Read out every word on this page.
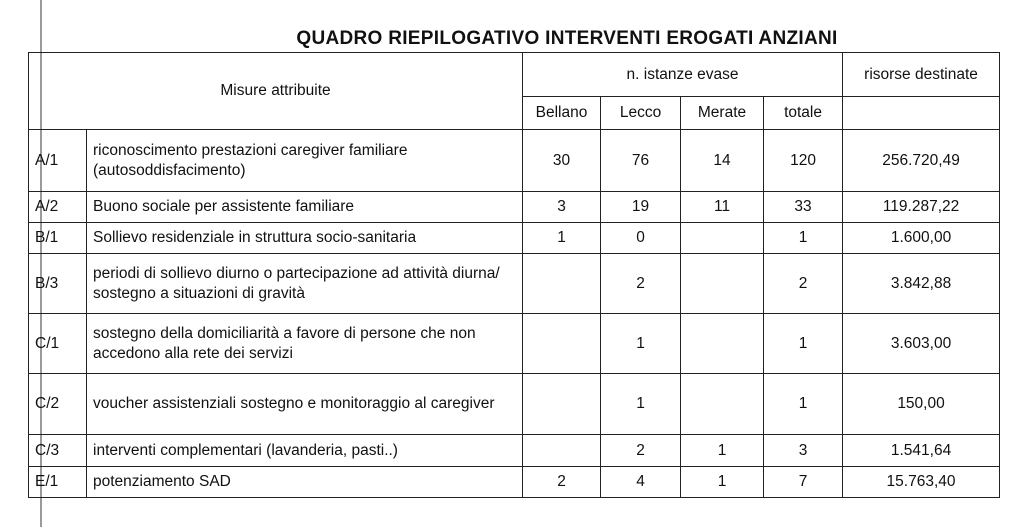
QUADRO RIEPILOGATIVO INTERVENTI EROGATI ANZIANI
Misure attribuite		n. istanze evase				risorse destinate
		Bellano	Lecco	Merate	totale	
A/1	riconoscimento prestazioni caregiver familiare (autosoddisfacimento)	30	76	14	120	256.720,49
A/2	Buono sociale per assistente familiare	3	19	11	33	119.287,22
B/1	Sollievo residenziale in struttura socio-sanitaria	1	0		1	1.600,00
B/3	periodi di sollievo diurno o partecipazione ad attività diurna/ sostegno a situazioni di gravità		2		2	3.842,88
C/1	sostegno della domiciliarità a favore di persone che non accedono alla rete dei servizi		1		1	3.603,00
C/2	voucher assistenziali sostegno e monitoraggio al caregiver		1		1	150,00
C/3	interventi complementari (lavanderia, pasti..)		2	1	3	1.541,64
E/1	potenziamento SAD	2	4	1	7	15.763,40
